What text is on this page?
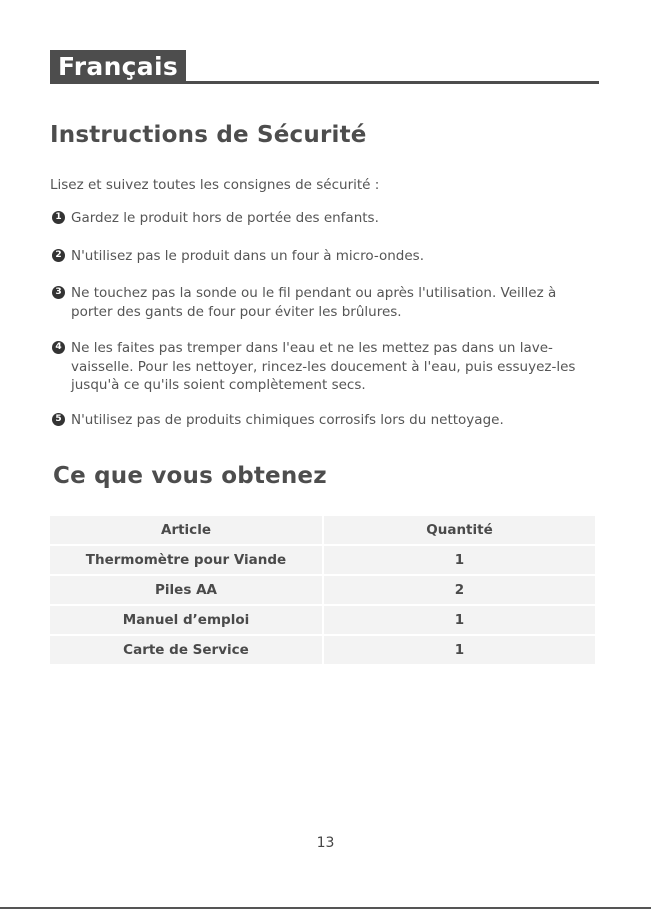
Français
Instructions de Sécurité
Lisez et suivez toutes les consignes de sécurité :
1 Gardez le produit hors de portée des enfants.
2 N'utilisez pas le produit dans un four à micro-ondes.
3 Ne touchez pas la sonde ou le fil pendant ou après l'utilisation. Veillez à porter des gants de four pour éviter les brûlures.
4 Ne les faites pas tremper dans l'eau et ne les mettez pas dans un lave-vaisselle. Pour les nettoyer, rincez-les doucement à l'eau, puis essuyez-les jusqu'à ce qu'ils soient complètement secs.
5 N'utilisez pas de produits chimiques corrosifs lors du nettoyage.
Ce que vous obtenez
Article	Quantité
Thermomètre pour Viande	1
Piles AA	2
Manuel d’emploi	1
Carte de Service	1
13
